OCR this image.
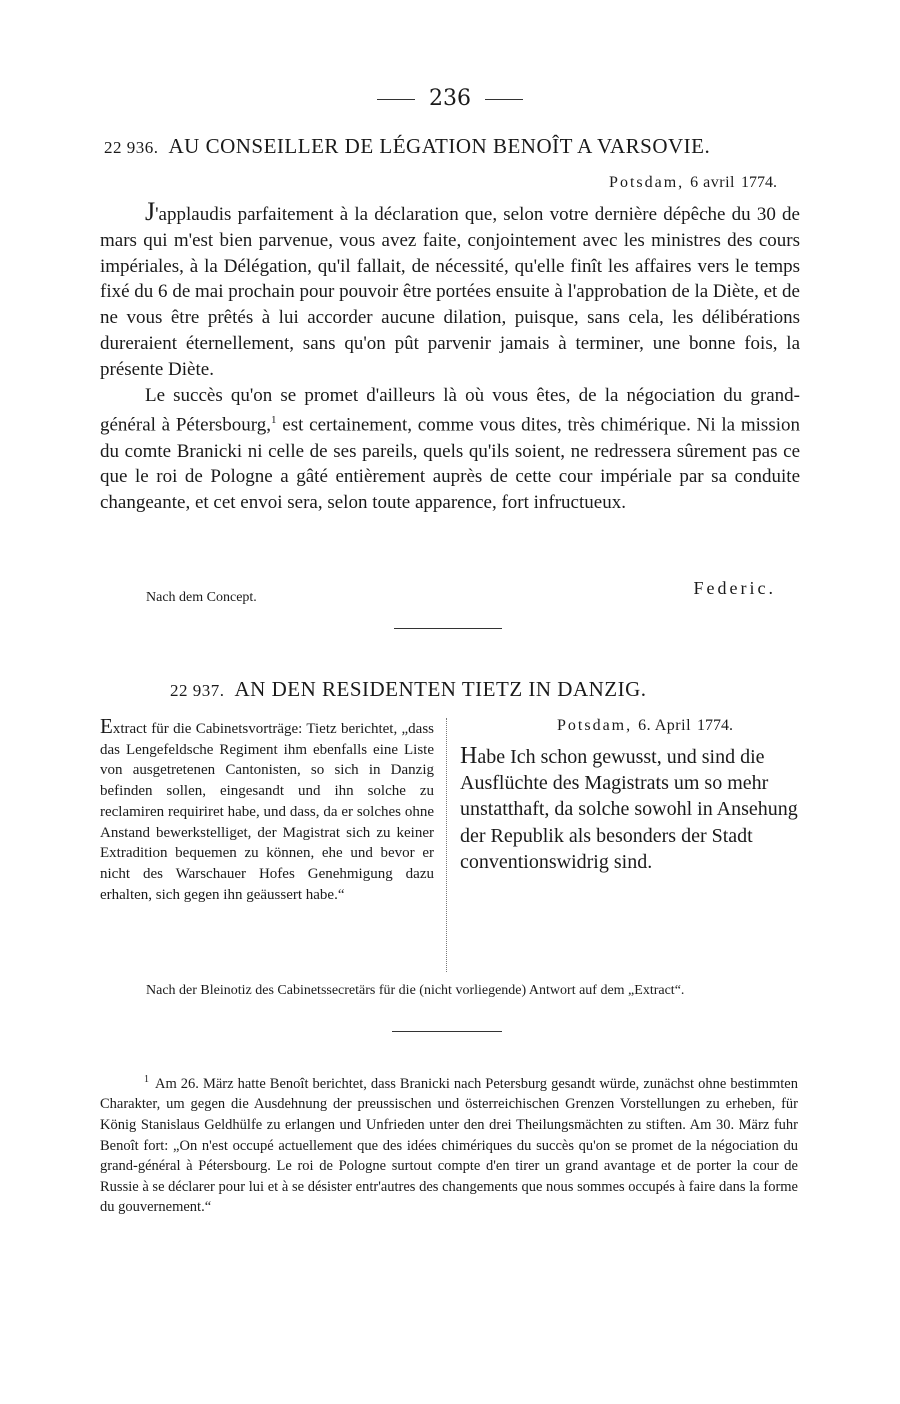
236
22 936. AU CONSEILLER DE LÉGATION BENOÎT A VARSOVIE.
Potsdam, 6 avril 1774.

J'applaudis parfaitement à la déclaration que, selon votre dernière dépêche du 30 de mars qui m'est bien parvenue, vous avez faite, conjointement avec les ministres des cours impériales, à la Délégation, qu'il fallait, de nécessité, qu'elle finît les affaires vers le temps fixé du 6 de mai prochain pour pouvoir être portées ensuite à l'approbation de la Diète, et de ne vous être prêtés à lui accorder aucune dilation, puisque, sans cela, les délibérations dureraient éternellement, sans qu'on pût parvenir jamais à terminer, une bonne fois, la présente Diète.

Le succès qu'on se promet d'ailleurs là où vous êtes, de la négociation du grand-général à Pétersbourg,$^1$ est certainement, comme vous dites, très chimérique. Ni la mission du comte Branicki ni celle de ses pareils, quels qu'ils soient, ne redressera sûrement pas ce que le roi de Pologne a gâté entièrement auprès de cette cour impériale par sa conduite changeante, et cet envoi sera, selon toute apparence, fort infructueux.

Federic.
Nach dem Concept.
22 937. AN DEN RESIDENTEN TIETZ IN DANZIG.
Extract für die Cabinetsvorträge: Tietz berichtet, „dass das Lengefeldsche Regiment ihm ebenfalls eine Liste von ausgetretenen Cantonisten, so sich in Danzig befinden sollen, eingesandt und ihn solche zu reclamiren requiriret habe, und dass, da er solches ohne Anstand bewerkstelliget, der Magistrat sich zu keiner Extradition bequemen zu können, ehe und bevor er nicht des Warschauer Hofes Genehmigung dazu erhalten, sich gegen ihn geäussert habe.“
Potsdam, 6. April 1774.
Habe Ich schon gewusst, und sind die Ausflüchte des Magistrats um so mehr unstatthaft, da solche sowohl in Ansehung der Republik als besonders der Stadt conventionswidrig sind.
Nach der Bleinotiz des Cabinetssecretärs für die (nicht vorliegende) Antwort auf dem „Extract“.
$^1$ Am 26. März hatte Benoît berichtet, dass Branicki nach Petersburg gesandt würde, zunächst ohne bestimmten Charakter, um gegen die Ausdehnung der preussischen und österreichischen Grenzen Vorstellungen zu erheben, für König Stanislaus Geldhülfe zu erlangen und Unfrieden unter den drei Theilungsmächten zu stiften. Am 30. März fuhr Benoît fort: „On n'est occupé actuellement que des idées chimériques du succès qu'on se promet de la négociation du grand-général à Pétersbourg. Le roi de Pologne surtout compte d'en tirer un grand avantage et de porter la cour de Russie à se déclarer pour lui et à se désister entr'autres des changements que nous sommes occupés à faire dans la forme du gouvernement.“
